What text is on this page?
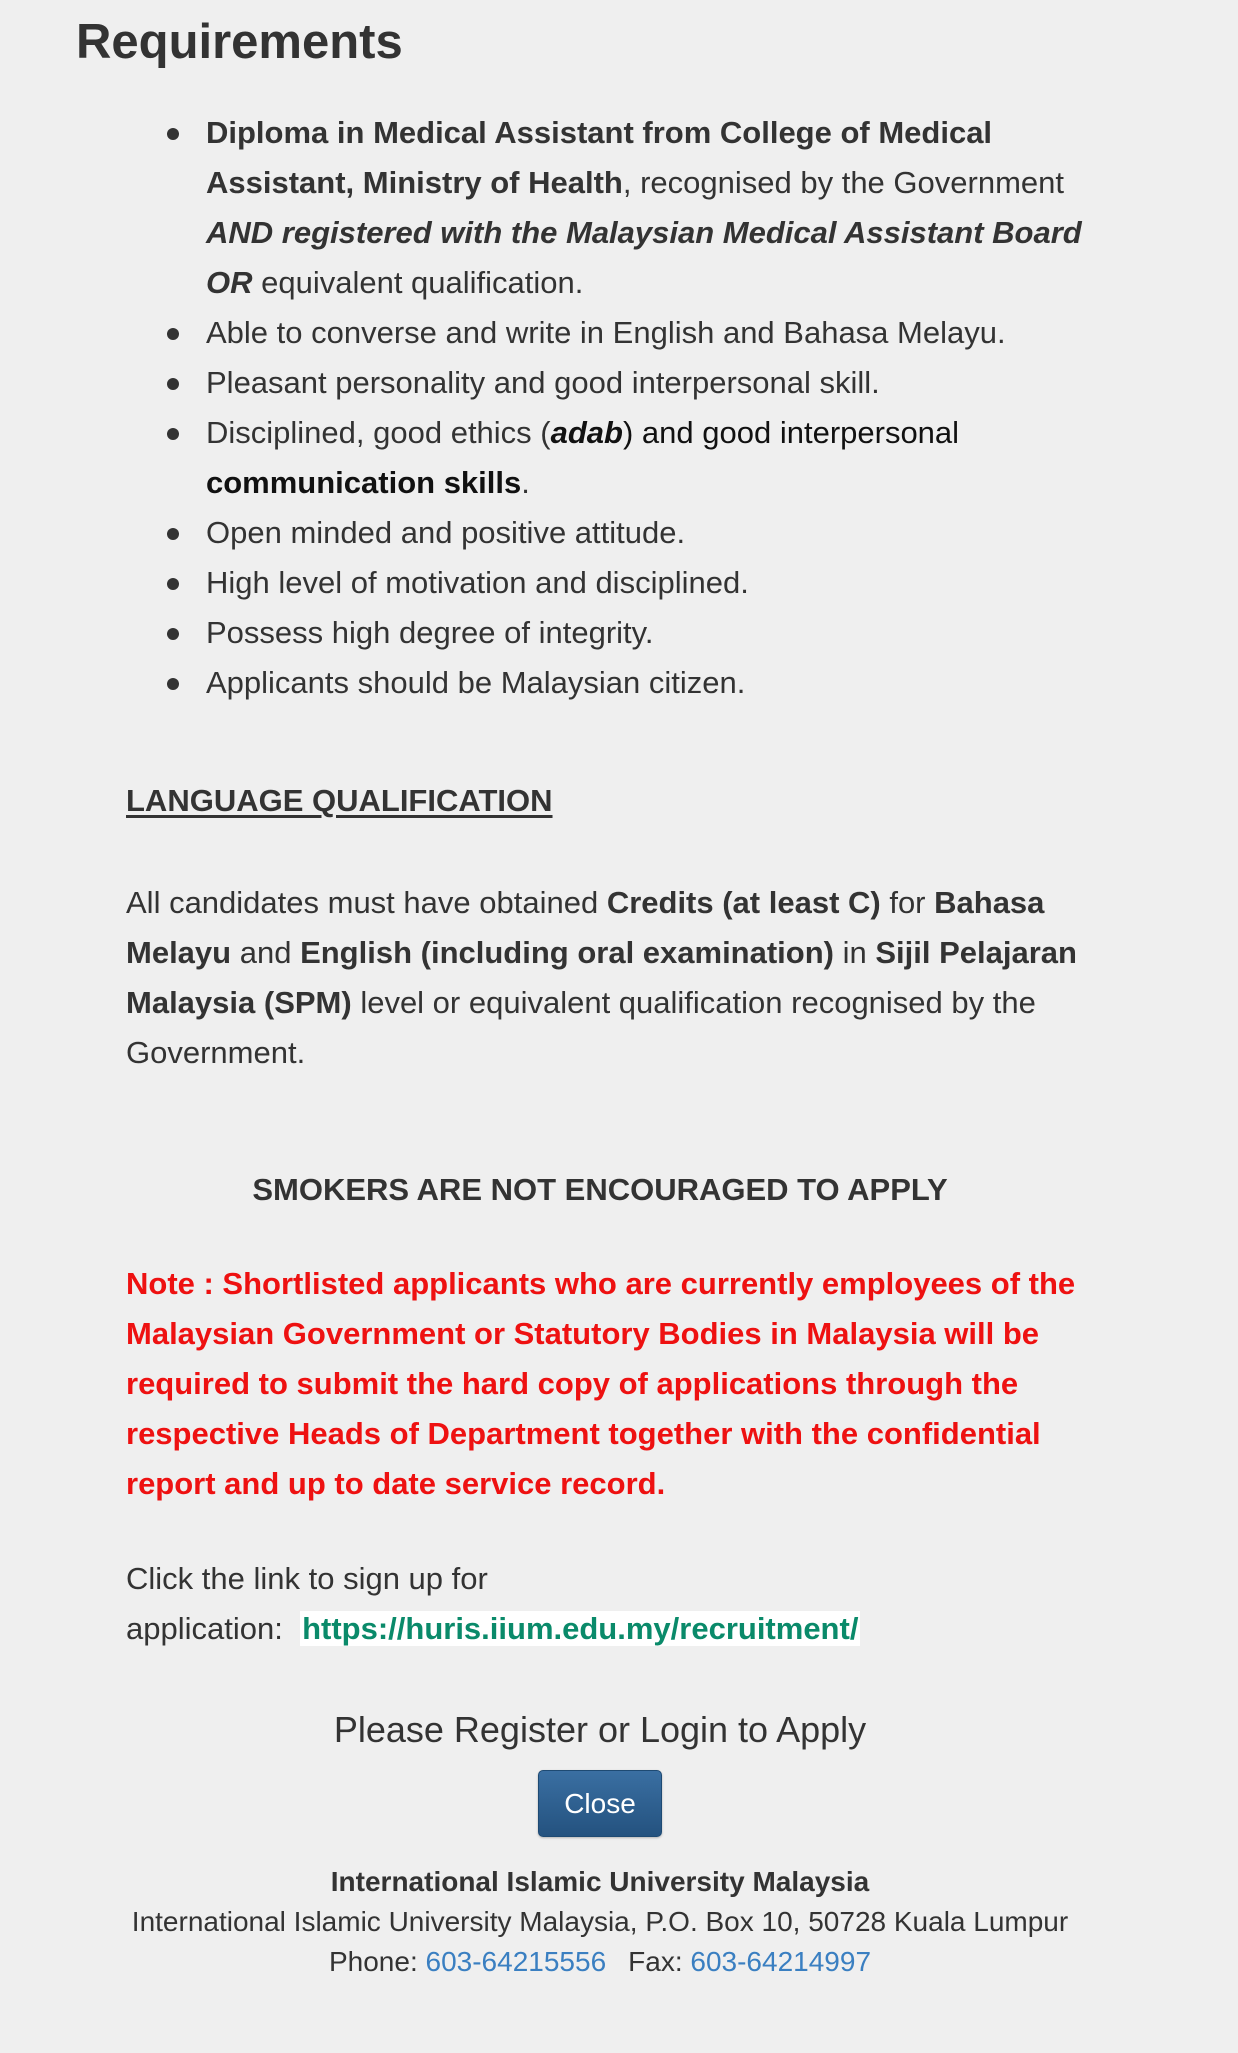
Requirements
Diploma in Medical Assistant from College of Medical Assistant, Ministry of Health, recognised by the Government AND registered with the Malaysian Medical Assistant Board OR equivalent qualification.
Able to converse and write in English and Bahasa Melayu.
Pleasant personality and good interpersonal skill.
Disciplined, good ethics (adab) and good interpersonal communication skills.
Open minded and positive attitude.
High level of motivation and disciplined.
Possess high degree of integrity.
Applicants should be Malaysian citizen.

LANGUAGE QUALIFICATION

All candidates must have obtained Credits (at least C) for Bahasa Melayu and English (including oral examination) in Sijil Pelajaran Malaysia (SPM) level or equivalent qualification recognised by the Government.

SMOKERS ARE NOT ENCOURAGED TO APPLY

Note : Shortlisted applicants who are currently employees of the Malaysian Government or Statutory Bodies in Malaysia will be required to submit the hard copy of applications through the respective Heads of Department together with the confidential report and up to date service record.

Click the link to sign up for application: https://huris.iium.edu.my/recruitment/

Please Register or Login to Apply

Close
International Islamic University Malaysia
International Islamic University Malaysia, P.O. Box 10, 50728 Kuala Lumpur
Phone: 603-64215556 Fax: 603-64214997
